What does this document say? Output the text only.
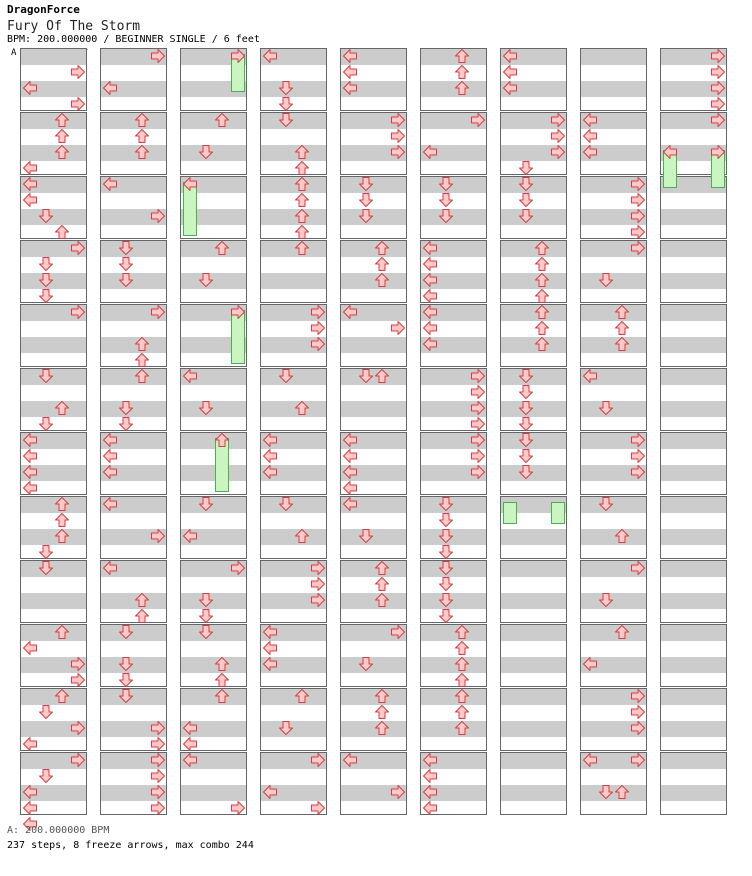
DragonForce
Fury Of The Storm
BPM: 200.000000 / BEGINNER SINGLE / 6 feet
A
A: 200.000000 BPM
237 steps, 8 freeze arrows, max combo 244
